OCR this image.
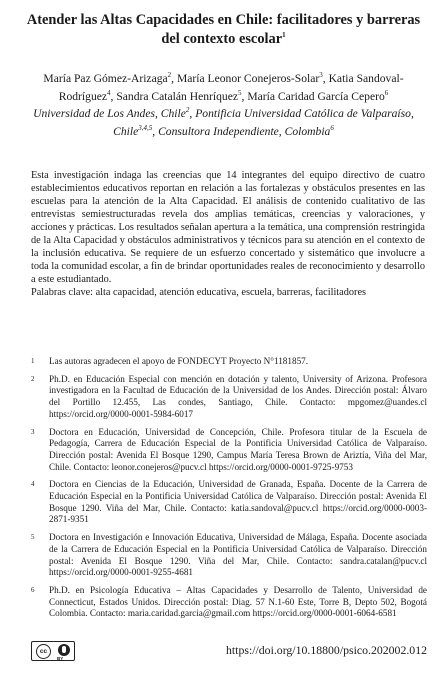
Atender las Altas Capacidades en Chile: facilitadores y barreras
del contexto escolar$^1$
María Paz Gómez-Arizaga$^2$, María Leonor Conejeros-Solar$^3$, Katia Sandoval-Rodríguez$^4$, Sandra Catalán Henríquez$^5$, María Caridad García Cepero$^6$
Universidad de Los Andes, Chile$^2$, Pontificia Universidad Católica de Valparaíso, Chile$^{3,4,5}$, Consultora Independiente, Colombia$^6$

Esta investigación indaga las creencias que 14 integrantes del equipo directivo de cuatro establecimientos educativos reportan en relación a las fortalezas y obstáculos presentes en las escuelas para la atención de la Alta Capacidad. El análisis de contenido cualitativo de las entrevistas semiestructuradas revela dos amplias temáticas, creencias y valoraciones, y acciones y prácticas. Los resultados señalan apertura a la temática, una comprensión restringida de la Alta Capacidad y obstáculos administrativos y técnicos para su atención en el contexto de la inclusión educativa. Se requiere de un esfuerzo concertado y sistemático que involucre a toda la comunidad escolar, a fin de brindar oportunidades reales de reconocimiento y desarrollo a este estudiantado.

Palabras clave: alta capacidad, atención educativa, escuela, barreras, facilitadores

1 Las autoras agradecen el apoyo de FONDECYT Proyecto N°1181857.
2 Ph.D. en Educación Especial con mención en dotación y talento, University of Arizona. Profesora investigadora en la Facultad de Educación de la Universidad de los Andes. Dirección postal: Álvaro del Portillo 12.455, Las condes, Santiago, Chile. Contacto: mpgomez@uandes.cl https://orcid.org/0000-0001-5984-6017
3 Doctora en Educación, Universidad de Concepción, Chile. Profesora titular de la Escuela de Pedagogía, Carrera de Educación Especial de la Pontificia Universidad Católica de Valparaíso. Dirección postal: Avenida El Bosque 1290, Campus María Teresa Brown de Ariztía, Viña del Mar, Chile. Contacto: leonor.conejeros@pucv.cl https://orcid.org/0000-0001-9725-9753
4 Doctora en Ciencias de la Educación, Universidad de Granada, España. Docente de la Carrera de Educación Especial en la Pontificia Universidad Católica de Valparaíso. Dirección postal: Avenida El Bosque 1290. Viña del Mar, Chile. Contacto: katia.sandoval@pucv.cl https://orcid.org/0000-0003-2871-9351
5 Doctora en Investigación e Innovación Educativa, Universidad de Málaga, España. Docente asociada de la Carrera de Educación Especial en la Pontificia Universidad Católica de Valparaíso. Dirección postal: Avenida El Bosque 1290. Viña del Mar, Chile. Contacto: sandra.catalan@pucv.cl https://orcid.org/0000-0001-9255-4681
6 Ph.D. en Psicología Educativa – Altas Capacidades y Desarrollo de Talento, Universidad de Connecticut, Estados Unidos. Dirección postal: Diag. 57 N.1-60 Este, Torre B, Depto 502, Bogotá Colombia. Contacto: maria.caridad.garcia@gmail.com https://orcid.org/0000-0001-6064-6581
cc
BY
https://doi.org/10.18800/psico.202002.012
